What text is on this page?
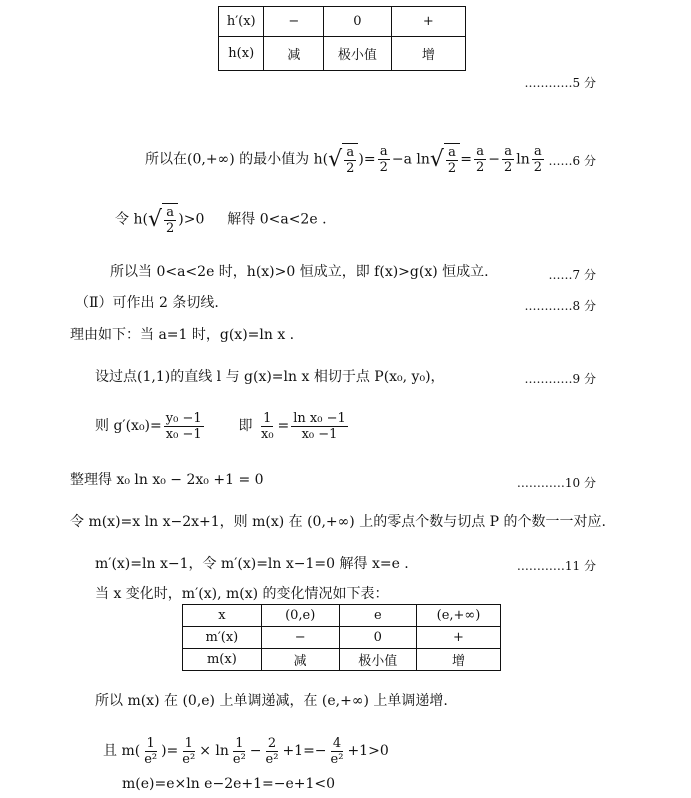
h′(x)	−	0	+
h(x)	减	极小值	增
…………5 分
所以在(0,+∞) 的最小值为 h( √ $\frac{a}{2}$ )= $\frac{a}{2} -a$ ln √ $\frac{a}{2} = \frac{a}{2} - \frac{a}{2}$ $\ln \frac{a}{2}$ ……6 分
令 h( √ $\frac{a}{2} )>0$ 解得 0<a<2e .
所以当 0<a<2e 时，h(x)>0 恒成立，即 f(x)>g(x) 恒成立.	……7 分
（Ⅱ）可作出 2 条切线.	…………8 分
理由如下：当 a=1 时，g(x)=ln x .
设过点(1,1)的直线 l 与 g(x)=ln x 相切于点 P(x₀, y₀)，	…………9 分
则 $g'(x_0)= \frac{\text{y₀ −1}}{\text{x₀ −1}}$ 即 $\frac{1}{\text{x₀}} = \frac{\text{ln x₀ −1}}{\text{x₀ −1}}$
整理得 x₀ ln x₀ − 2x₀ +1 = 0	…………10 分
令 m(x)=x ln x−2x+1，则 m(x) 在 (0,+∞) 上的零点个数与切点 P 的个数一一对应.
m′(x)=ln x−1，令 m′(x)=ln x−1=0 解得 x=e .	…………11 分
当 x 变化时，m′(x), m(x) 的变化情况如下表：
x	(0,e)	e	(e,+∞)
m′(x)	−	0	+
m(x)	减	极小值	增
所以 m(x) 在 (0,e) 上单调递减，在 (e,+∞) 上单调递增.
且 $m( \frac{1}{\text{e²}}$ )= $\frac{1}{\text{e²}} \times \ln \frac{1}{\text{e²}} - \frac{2}{\text{e²}} +1=- \frac{4}{\text{e²}} +1>0$
m(e)=e×ln e−2e+1=−e+1<0
